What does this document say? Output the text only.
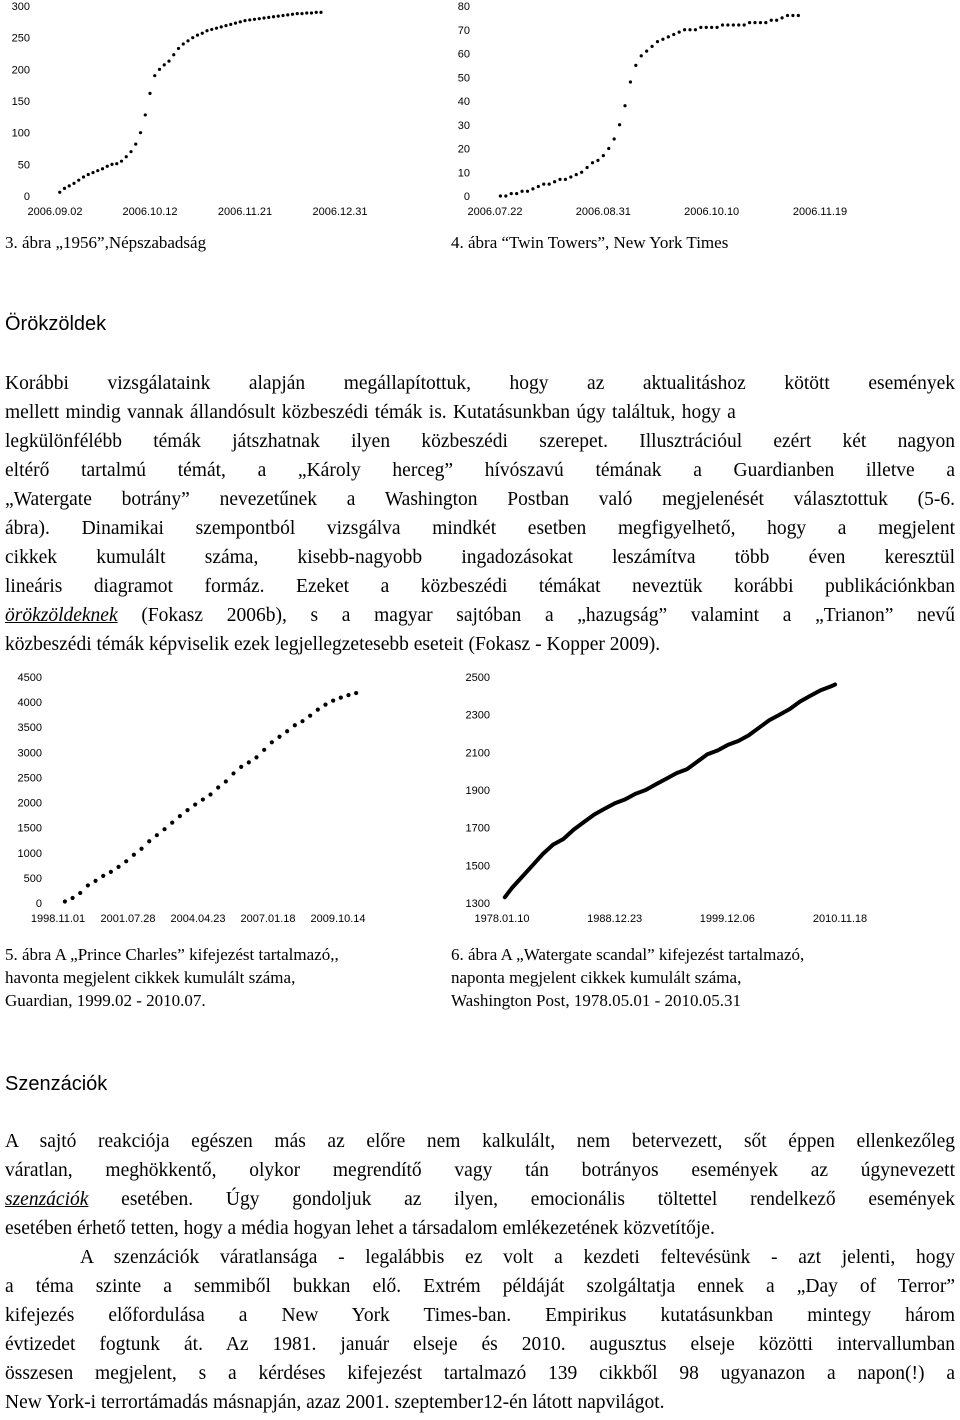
0
50
100
150
200
250
300
2006.09.02	2006.10.12	2006.11.21	2006.12.31
0
10
20
30
40
50
60
70
80
2006.07.22	2006.08.31	2006.10.10	2006.11.19
0
500
1000
1500
2000
2500
3000
3500
4000
4500
1998.11.01 2001.07.28 2004.04.23 2007.01.18 2009.10.14
1300
1500
1700
1900
2100
2300
2500
1978.01.10	1988.12.23	1999.12.06	2010.11.18
3. ábra „1956”,Népszabadság	4. ábra “Twin Towers”, New York Times
Örökzöldek
Korábbi vizsgálataink alapján megállapítottuk, hogy az aktualitáshoz kötött események
mellett mindig vannak állandósult közbeszédi témák is. Kutatásunkban úgy találtuk, hogy a
legkülönfélébb témák játszhatnak ilyen közbeszédi szerepet. Illusztrációul ezért két nagyon
eltérő tartalmú témát, a „Károly herceg” hívószavú témának a Guardianben illetve a
„Watergate botrány” nevezetűnek a Washington Postban való megjelenését választottuk (5-6.
ábra). Dinamikai szempontból vizsgálva mindkét esetben megfigyelhető, hogy a megjelent
cikkek kumulált száma, kisebb-nagyobb ingadozásokat leszámítva több éven keresztül
lineáris diagramot formáz. Ezeket a közbeszédi témákat neveztük korábbi publikációnkban
örökzöldeknek (Fokasz 2006b), s a magyar sajtóban a „hazugság” valamint a „Trianon” nevű
közbeszédi témák képviselik ezek legjellegzetesebb eseteit (Fokasz - Kopper 2009).
5. ábra A „Prince Charles” kifejezést tartalmazó,,
havonta megjelent cikkek kumulált száma,
Guardian, 1999.02 - 2010.07.
6. ábra A „Watergate scandal” kifejezést tartalmazó,
naponta megjelent cikkek kumulált száma,
Washington Post, 1978.05.01 - 2010.05.31
Szenzációk
A sajtó reakciója egészen más az előre nem kalkulált, nem betervezett, sőt éppen ellenkezőleg
váratlan, meghökkentő, olykor megrendítő vagy tán botrányos események az úgynevezett
szenzációk esetében. Úgy gondoljuk az ilyen, emocionális töltettel rendelkező események
esetében érhető tetten, hogy a média hogyan lehet a társadalom emlékezetének közvetítője.
A szenzációk váratlansága - legalábbis ez volt a kezdeti feltevésünk - azt jelenti, hogy
a téma szinte a semmiből bukkan elő. Extrém példáját szolgáltatja ennek a „Day of Terror”
kifejezés előfordulása a New York Times-ban. Empirikus kutatásunkban mintegy három
évtizedet fogtunk át. Az 1981. január elseje és 2010. augusztus elseje közötti intervallumban
összesen megjelent, s a kérdéses kifejezést tartalmazó 139 cikkből 98 ugyanazon a napon(!) a
New York-i terrortámadás másnapján, azaz 2001. szeptember12-én látott napvilágot.
